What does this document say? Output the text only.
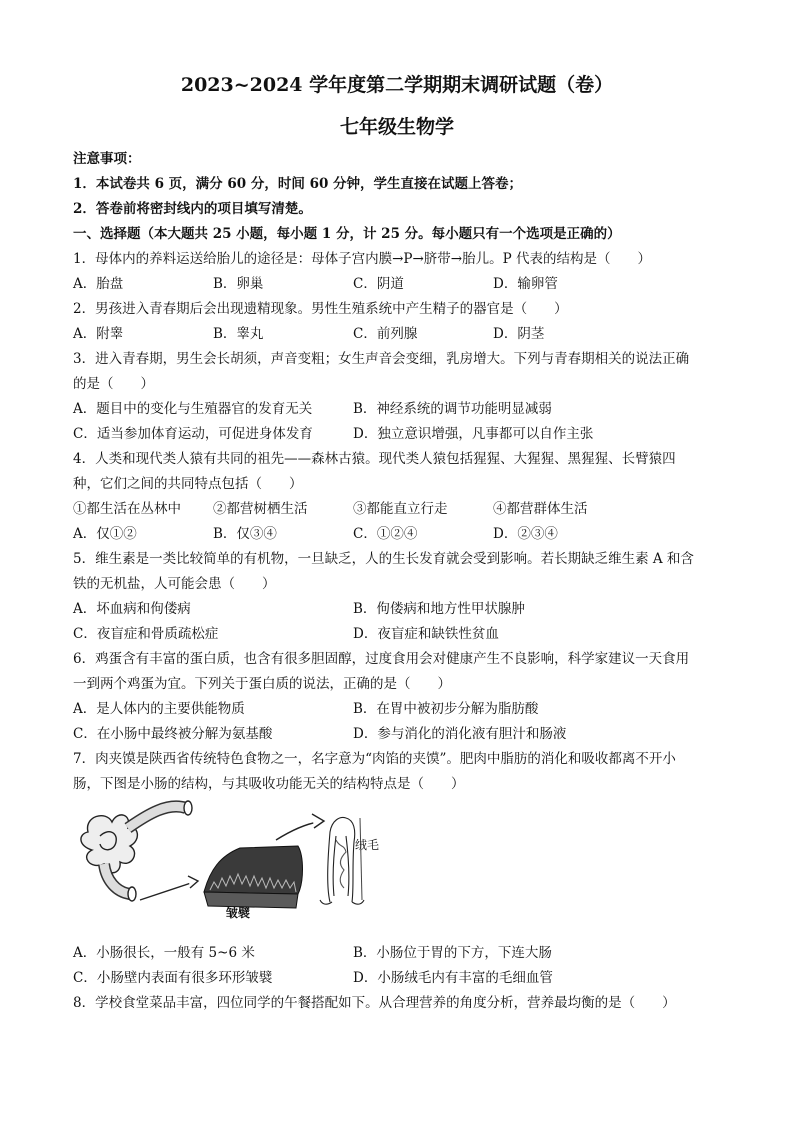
2023~2024 学年度第二学期期末调研试题（卷）
七年级生物学
注意事项：
1．本试卷共 6 页，满分 60 分，时间 60 分钟，学生直接在试题上答卷；
2．答卷前将密封线内的项目填写清楚。
一、选择题（本大题共 25 小题，每小题 1 分，计 25 分。每小题只有一个选项是正确的）
1．母体内的养料运送给胎儿的途径是：母体子宫内膜→P→脐带→胎儿。P 代表的结构是（　　）
A．胎盘	B．卵巢	C．阴道	D．输卵管
2．男孩进入青春期后会出现遗精现象。男性生殖系统中产生精子的器官是（　　）
A．附睾	B．睾丸	C．前列腺	D．阴茎
3．进入青春期，男生会长胡须，声音变粗；女生声音会变细，乳房增大。下列与青春期相关的说法正确
的是（　　）
A．题目中的变化与生殖器官的发育无关	B．神经系统的调节功能明显减弱
C．适当参加体育运动，可促进身体发育	D．独立意识增强，凡事都可以自作主张
4．人类和现代类人猿有共同的祖先——森林古猿。现代类人猿包括猩猩、大猩猩、黑猩猩、长臂猿四
种，它们之间的共同特点包括（　　）
①都生活在丛林中 ②都营树栖生活	③都能直立行走	④都营群体生活
A．仅①②	B．仅③④	C．①②④	D．②③④
5．维生素是一类比较简单的有机物，一旦缺乏，人的生长发育就会受到影响。若长期缺乏维生素 A 和含
铁的无机盐，人可能会患（　　）
A．坏血病和佝偻病	B．佝偻病和地方性甲状腺肿
C．夜盲症和骨质疏松症	D．夜盲症和缺铁性贫血
6．鸡蛋含有丰富的蛋白质，也含有很多胆固醇，过度食用会对健康产生不良影响，科学家建议一天食用
一到两个鸡蛋为宜。下列关于蛋白质的说法，正确的是（　　）
A．是人体内的主要供能物质	B．在胃中被初步分解为脂肪酸
C．在小肠中最终被分解为氨基酸	D．参与消化的消化液有胆汁和肠液
7．肉夹馍是陕西省传统特色食物之一，名字意为“肉馅的夹馍”。肥肉中脂肪的消化和吸收都离不开小
肠，下图是小肠的结构，与其吸收功能无关的结构特点是（　　）
绒毛
皱襞
A．小肠很长，一般有 5~6 米	B．小肠位于胃的下方，下连大肠
C．小肠壁内表面有很多环形皱襞	D．小肠绒毛内有丰富的毛细血管
8．学校食堂菜品丰富，四位同学的午餐搭配如下。从合理营养的角度分析，营养最均衡的是（　　）
